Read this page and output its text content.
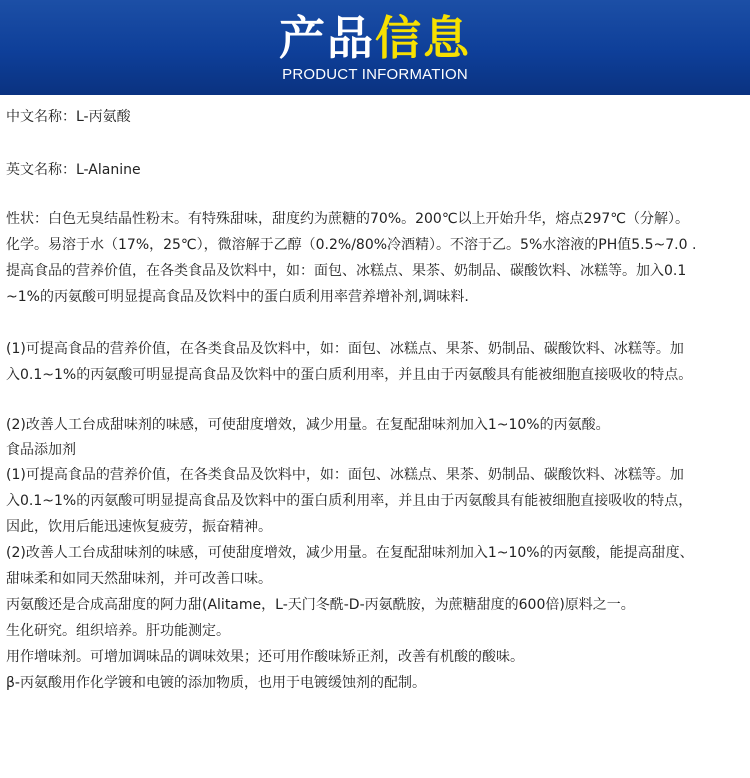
产品信息
PRODUCT INFORMATION
中文名称：L-丙氨酸
英文名称：L-Alanine
性状：白色无臭结晶性粉末。有特殊甜味，甜度约为蔗糖的70%。200℃以上开始升华，熔点297℃（分解）。
化学。易溶于水（17%，25℃），微溶解于乙醇（0.2%/80%冷酒精）。不溶于乙。5%水溶液的PH值5.5~7.0 .
提高食品的营养价值，在各类食品及饮料中，如：面包、冰糕点、果茶、奶制品、碳酸饮料、冰糕等。加入0.1
~1%的丙氨酸可明显提高食品及饮料中的蛋白质利用率营养增补剂,调味料.
(1)可提高食品的营养价值，在各类食品及饮料中，如：面包、冰糕点、果茶、奶制品、碳酸饮料、冰糕等。加
入0.1~1%的丙氨酸可明显提高食品及饮料中的蛋白质利用率，并且由于丙氨酸具有能被细胞直接吸收的特点。
(2)改善人工台成甜味剂的味感，可使甜度增效，减少用量。在复配甜味剂加入1~10%的丙氨酸。
食品添加剂
(1)可提高食品的营养价值，在各类食品及饮料中，如：面包、冰糕点、果茶、奶制品、碳酸饮料、冰糕等。加
入0.1~1%的丙氨酸可明显提高食品及饮料中的蛋白质利用率，并且由于丙氨酸具有能被细胞直接吸收的特点，
因此，饮用后能迅速恢复疲劳，振奋精神。
(2)改善人工台成甜味剂的味感，可使甜度增效，减少用量。在复配甜味剂加入1~10%的丙氨酸，能提高甜度、
甜味柔和如同天然甜味剂，并可改善口味。
丙氨酸还是合成高甜度的阿力甜(Alitame，L-天门冬酰-D-丙氨酰胺，为蔗糖甜度的600倍)原料之一。
生化研究。组织培养。肝功能测定。
用作增味剂。可增加调味品的调味效果；还可用作酸味矫正剂，改善有机酸的酸味。
β-丙氨酸用作化学镀和电镀的添加物质，也用于电镀缓蚀剂的配制。
